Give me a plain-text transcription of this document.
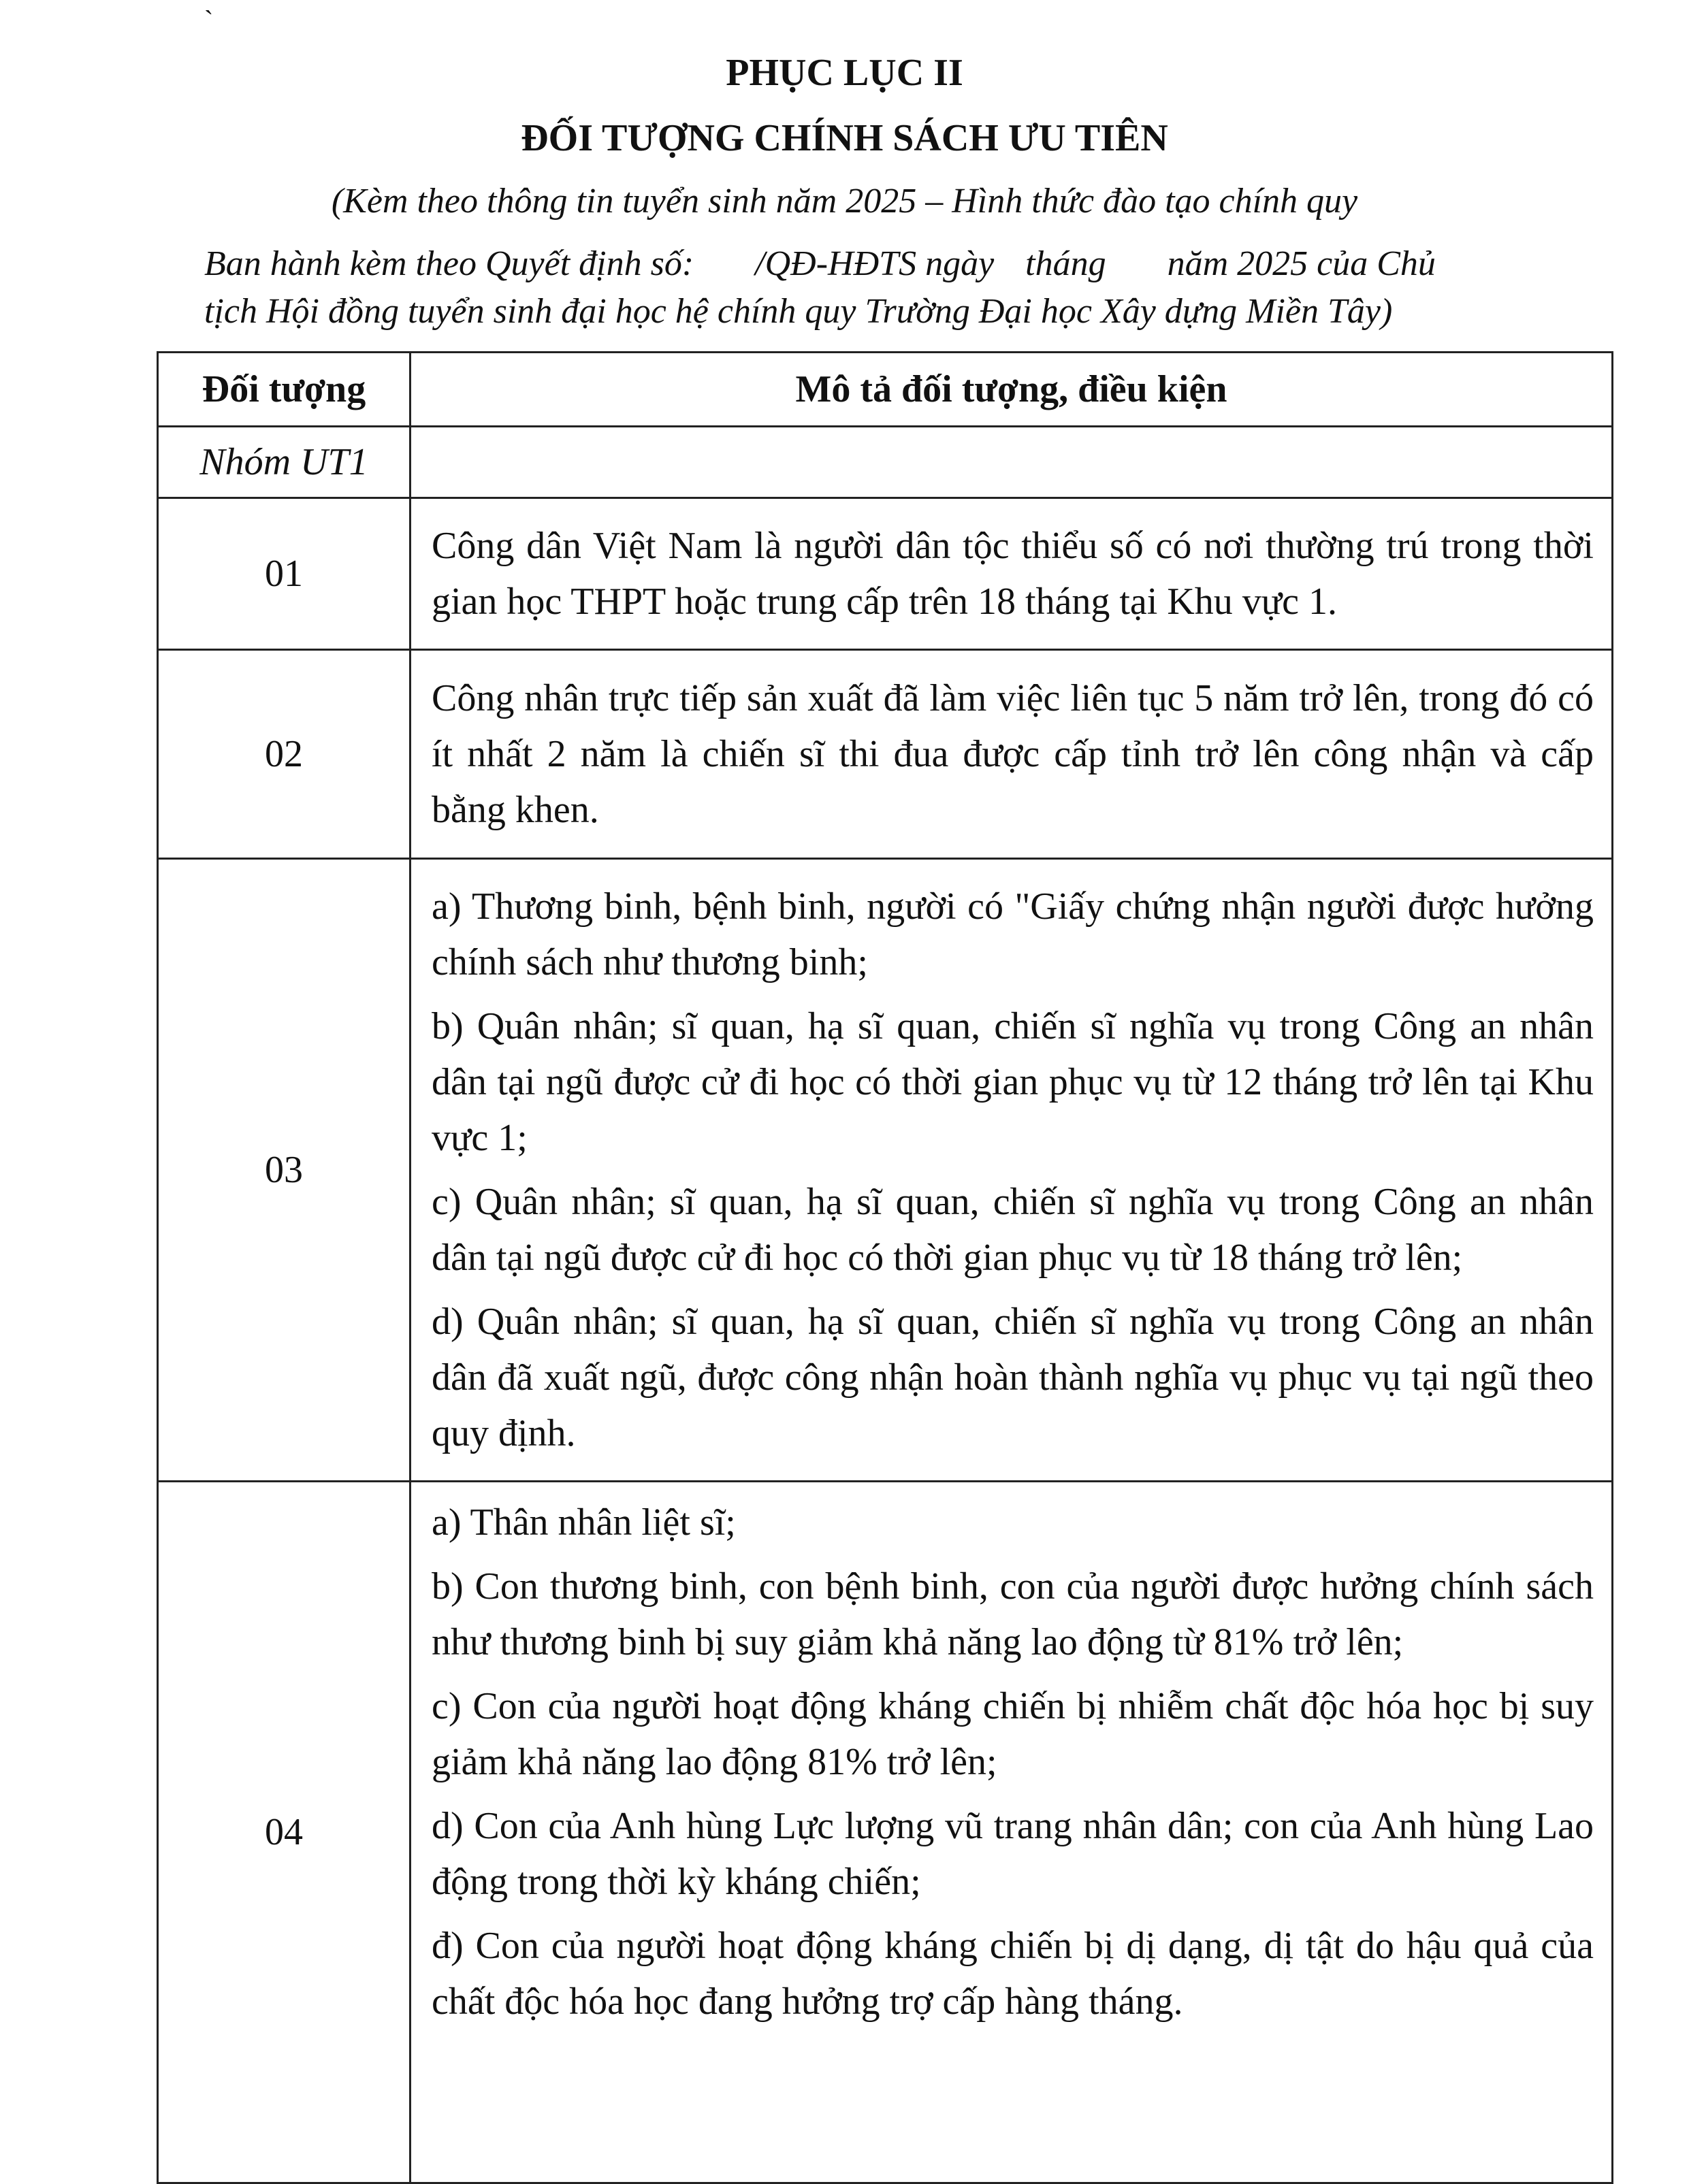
`
PHỤC LỤC II
ĐỐI TƯỢNG CHÍNH SÁCH ƯU TIÊN
(Kèm theo thông tin tuyển sinh năm 2025 – Hình thức đào tạo chính quy
Ban hành kèm theo Quyết định số: /QĐ-HĐTS ngày tháng năm 2025 của Chủ
tịch Hội đồng tuyển sinh đại học hệ chính quy Trường Đại học Xây dựng Miền Tây)
Đối tượng	Mô tả đối tượng, điều kiện
Nhóm UT1	
01	Công dân Việt Nam là người dân tộc thiểu số có nơi thường trú trong thời gian học THPT hoặc trung cấp trên 18 tháng tại Khu vực 1.

02	Công nhân trực tiếp sản xuất đã làm việc liên tục 5 năm trở lên, trong đó có ít nhất 2 năm là chiến sĩ thi đua được cấp tỉnh trở lên công nhận và cấp bằng khen.

03	a) Thương binh, bệnh binh, người có "Giấy chứng nhận người được hưởng chính sách như thương binh;

b) Quân nhân; sĩ quan, hạ sĩ quan, chiến sĩ nghĩa vụ trong Công an nhân dân tại ngũ được cử đi học có thời gian phục vụ từ 12 tháng trở lên tại Khu vực 1;

c) Quân nhân; sĩ quan, hạ sĩ quan, chiến sĩ nghĩa vụ trong Công an nhân dân tại ngũ được cử đi học có thời gian phục vụ từ 18 tháng trở lên;

d) Quân nhân; sĩ quan, hạ sĩ quan, chiến sĩ nghĩa vụ trong Công an nhân dân đã xuất ngũ, được công nhận hoàn thành nghĩa vụ phục vụ tại ngũ theo quy định.

04	a) Thân nhân liệt sĩ;

b) Con thương binh, con bệnh binh, con của người được hưởng chính sách như thương binh bị suy giảm khả năng lao động từ 81% trở lên;

c) Con của người hoạt động kháng chiến bị nhiễm chất độc hóa học bị suy giảm khả năng lao động 81% trở lên;

d) Con của Anh hùng Lực lượng vũ trang nhân dân; con của Anh hùng Lao động trong thời kỳ kháng chiến;

đ) Con của người hoạt động kháng chiến bị dị dạng, dị tật do hậu quả của chất độc hóa học đang hưởng trợ cấp hàng tháng.
